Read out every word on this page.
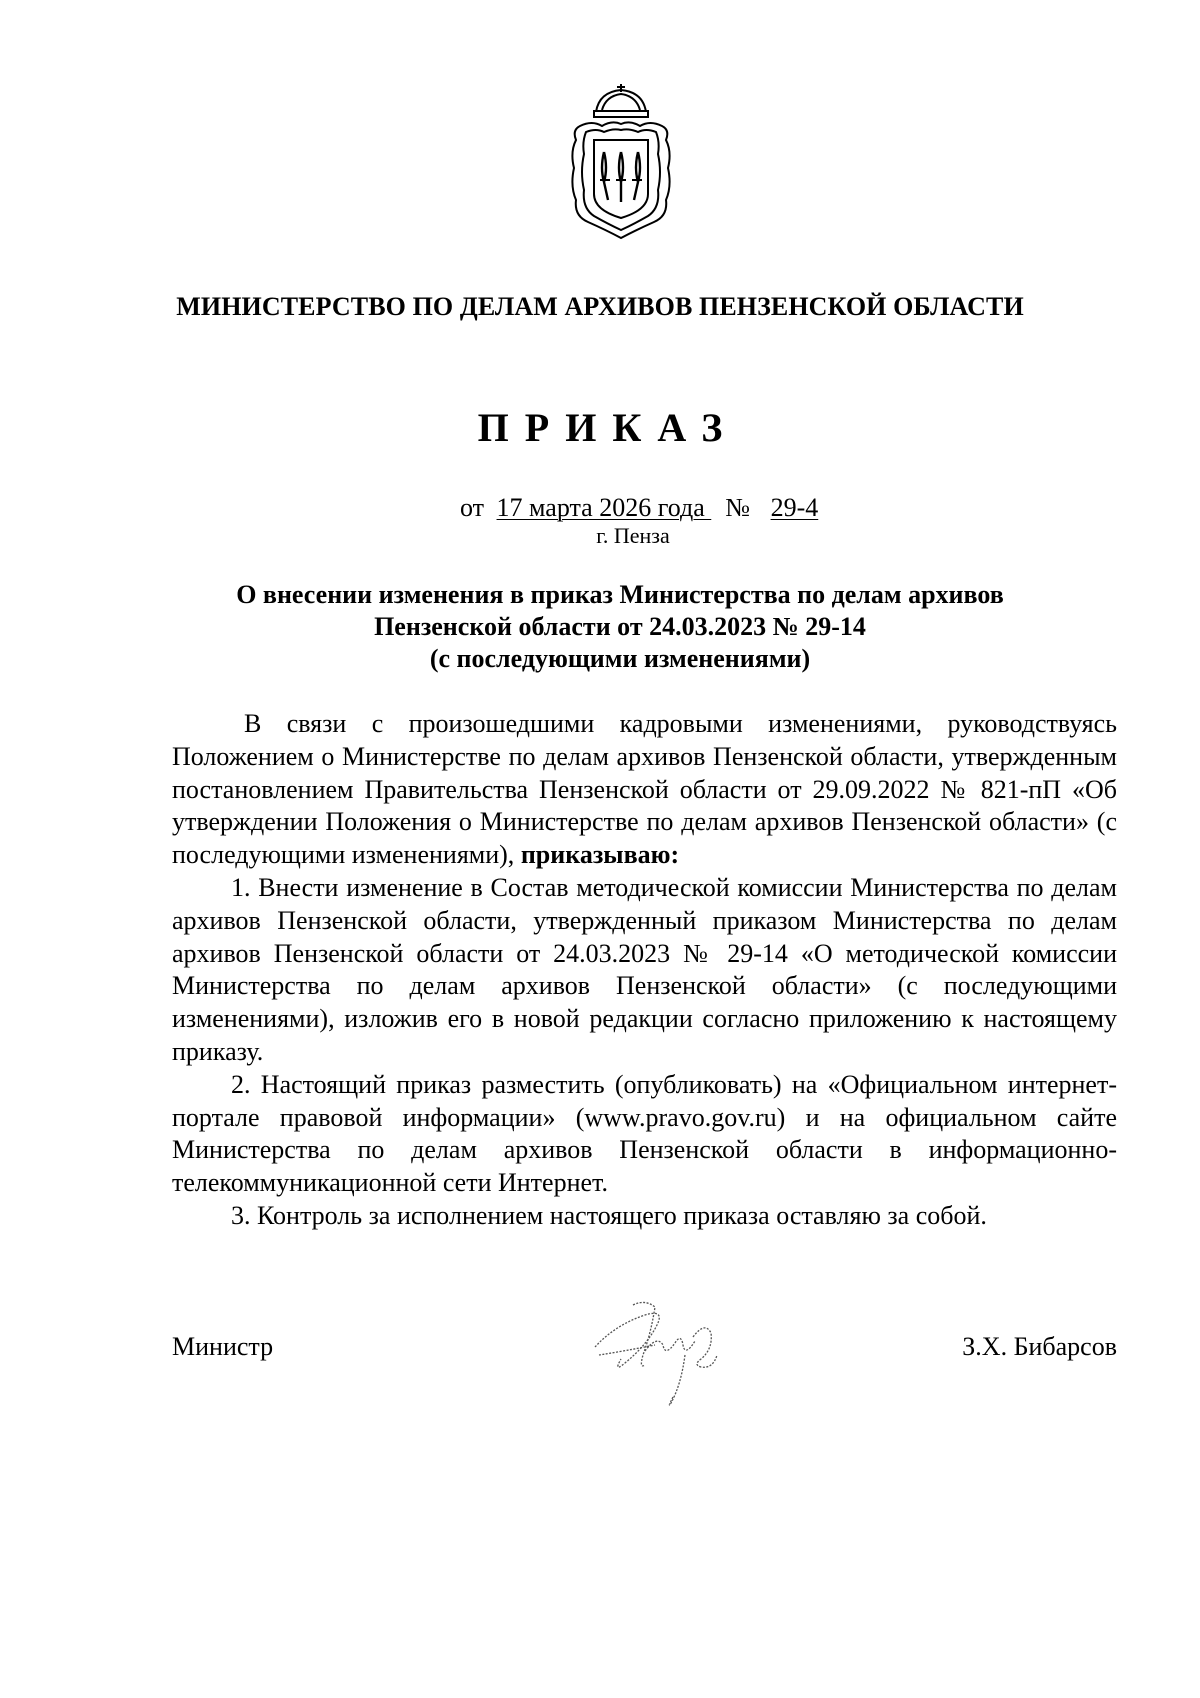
МИНИСТЕРСТВО ПО ДЕЛАМ АРХИВОВ ПЕНЗЕНСКОЙ ОБЛАСТИ
ПРИКАЗ
от 17 марта 2026 года № 29-4
г. Пенза
О внесении изменения в приказ Министерства по делам архивов
Пензенской области от 24.03.2023 № 29-14
(с последующими изменениями)

В связи с произошедшими кадровыми изменениями, руководствуясь Положением о Министерстве по делам архивов Пензенской области, утвержденным постановлением Правительства Пензенской области от 29.09.2022 № 821-пП «Об утверждении Положения о Министерстве по делам архивов Пензенской области» (с последующими изменениями), приказываю:

1. Внести изменение в Состав методической комиссии Министерства по делам архивов Пензенской области, утвержденный приказом Министерства по делам архивов Пензенской области от 24.03.2023 № 29-14 «О методической комиссии Министерства по делам архивов Пензенской области» (с последующими изменениями), изложив его в новой редакции согласно приложению к настоящему приказу.

2. Настоящий приказ разместить (опубликовать) на «Официальном интернет-портале правовой информации» (www.pravo.gov.ru) и на официальном сайте Министерства по делам архивов Пензенской области в информационно-телекоммуникационной сети Интернет.

3. Контроль за исполнением настоящего приказа оставляю за собой.

Министр	З.Х. Бибарсов
